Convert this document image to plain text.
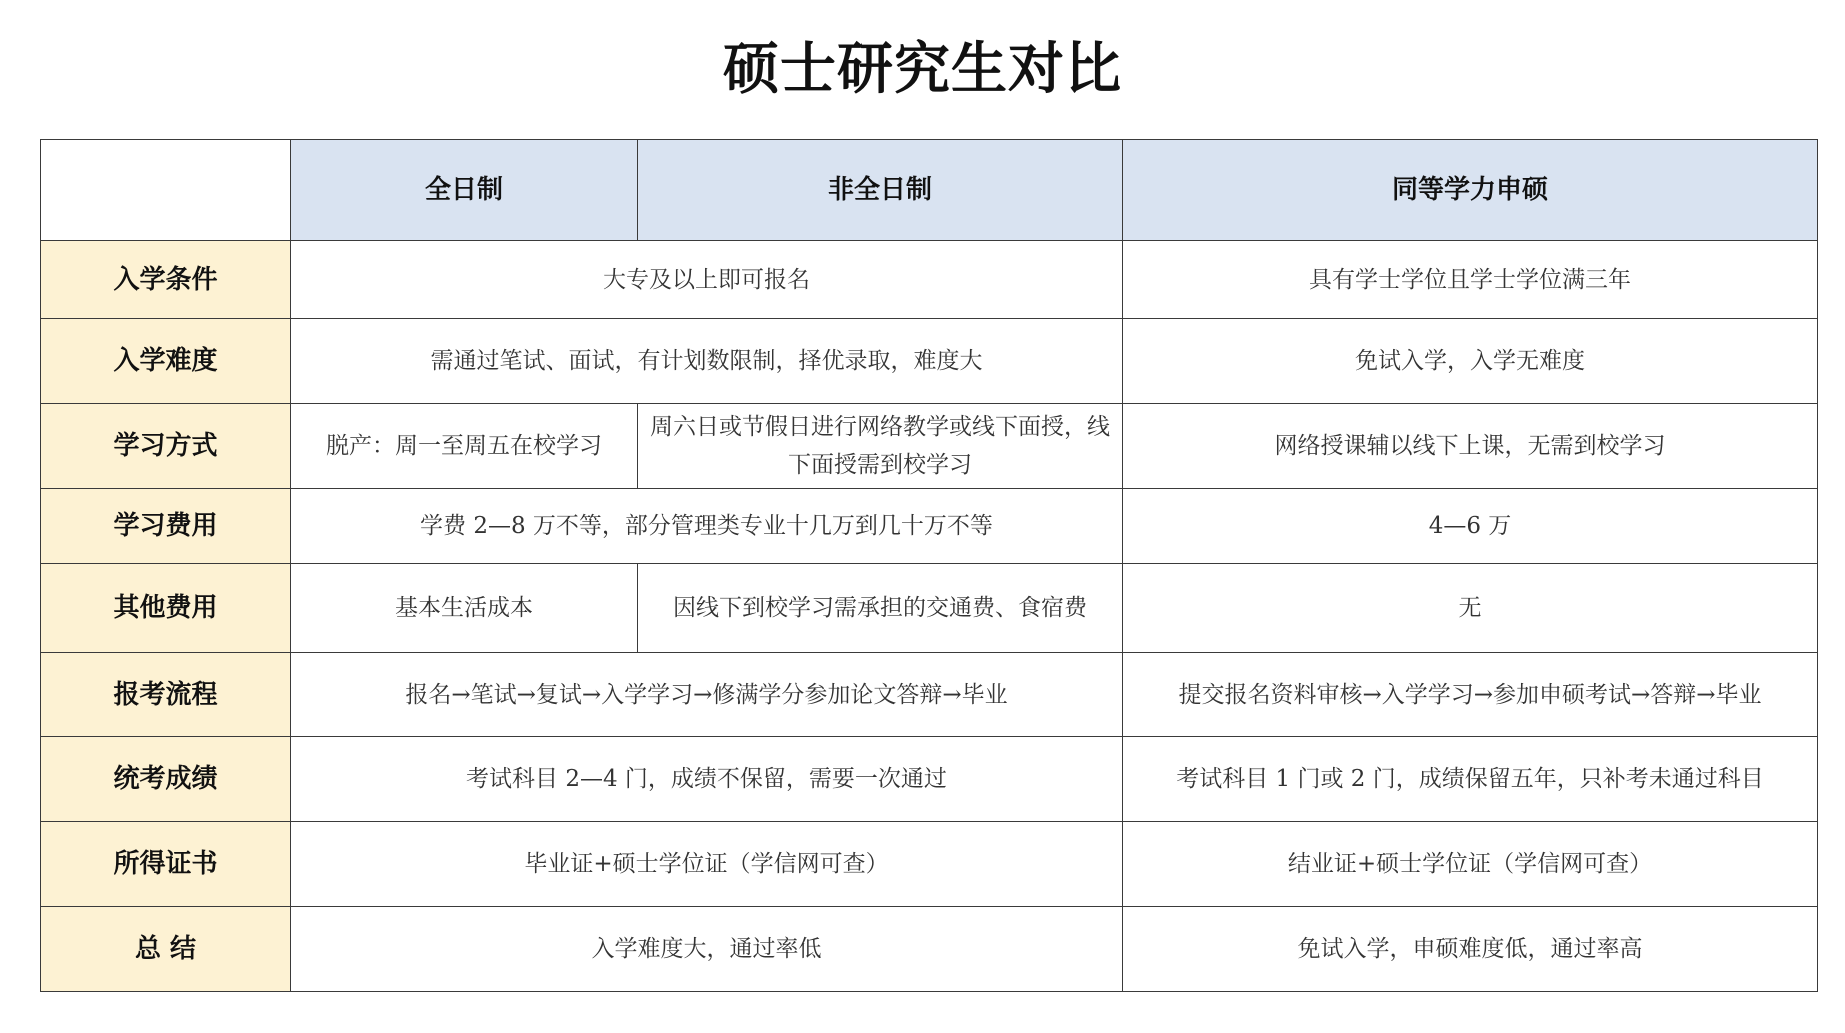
硕士研究生对比
	全日制	非全日制	同等学力申硕
入学条件	大专及以上即可报名		具有学士学位且学士学位满三年
入学难度	需通过笔试、面试，有计划数限制，择优录取，难度大		免试入学，入学无难度
学习方式	脱产：周一至周五在校学习	周六日或节假日进行网络教学或线下面授，线下面授需到校学习	网络授课辅以线下上课，无需到校学习
学习费用	学费 2—8 万不等，部分管理类专业十几万到几十万不等		4—6 万
其他费用	基本生活成本	因线下到校学习需承担的交通费、食宿费	无
报考流程	报名→笔试→复试→入学学习→修满学分参加论文答辩→毕业		提交报名资料审核→入学学习→参加申硕考试→答辩→毕业
统考成绩	考试科目 2—4 门，成绩不保留，需要一次通过		考试科目 1 门或 2 门，成绩保留五年，只补考未通过科目
所得证书	毕业证+硕士学位证（学信网可查）		结业证+硕士学位证（学信网可查）
总 结	入学难度大，通过率低		免试入学，申硕难度低，通过率高
